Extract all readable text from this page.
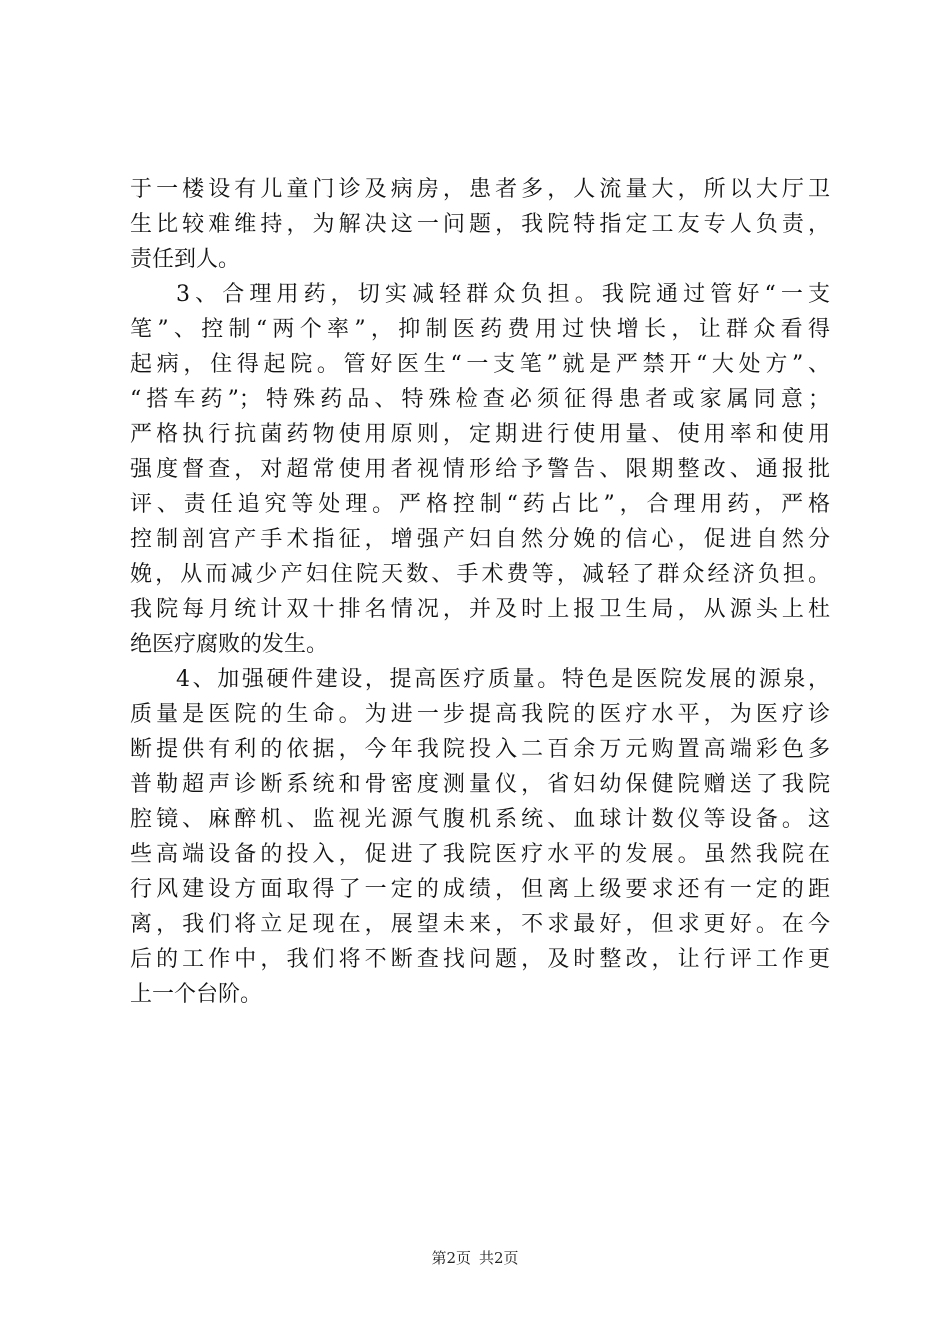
于一楼设有儿童门诊及病房，患者多，人流量大，所以大厅卫
生比较难维持，为解决这一问题，我院特指定工友专人负责，
责任到人。
3、合理用药，切实减轻群众负担。我院通过管好“一支
笔”、控制“两个率”，抑制医药费用过快增长，让群众看得
起病，住得起院。管好医生“一支笔”就是严禁开“大处方”、
“搭车药”；特殊药品、特殊检查必须征得患者或家属同意；
严格执行抗菌药物使用原则，定期进行使用量、使用率和使用
强度督查，对超常使用者视情形给予警告、限期整改、通报批
评、责任追究等处理。严格控制“药占比”，合理用药，严格
控制剖宫产手术指征，增强产妇自然分娩的信心，促进自然分
娩，从而减少产妇住院天数、手术费等，减轻了群众经济负担。
我院每月统计双十排名情况，并及时上报卫生局，从源头上杜
绝医疗腐败的发生。
4、加强硬件建设，提高医疗质量。特色是医院发展的源泉，
质量是医院的生命。为进一步提高我院的医疗水平，为医疗诊
断提供有利的依据，今年我院投入二百余万元购置高端彩色多
普勒超声诊断系统和骨密度测量仪，省妇幼保健院赠送了我院
腔镜、麻醉机、监视光源气腹机系统、血球计数仪等设备。这
些高端设备的投入，促进了我院医疗水平的发展。虽然我院在
行风建设方面取得了一定的成绩，但离上级要求还有一定的距
离，我们将立足现在，展望未来，不求最好，但求更好。在今
后的工作中，我们将不断查找问题，及时整改，让行评工作更
上一个台阶。
第2页 共2页
